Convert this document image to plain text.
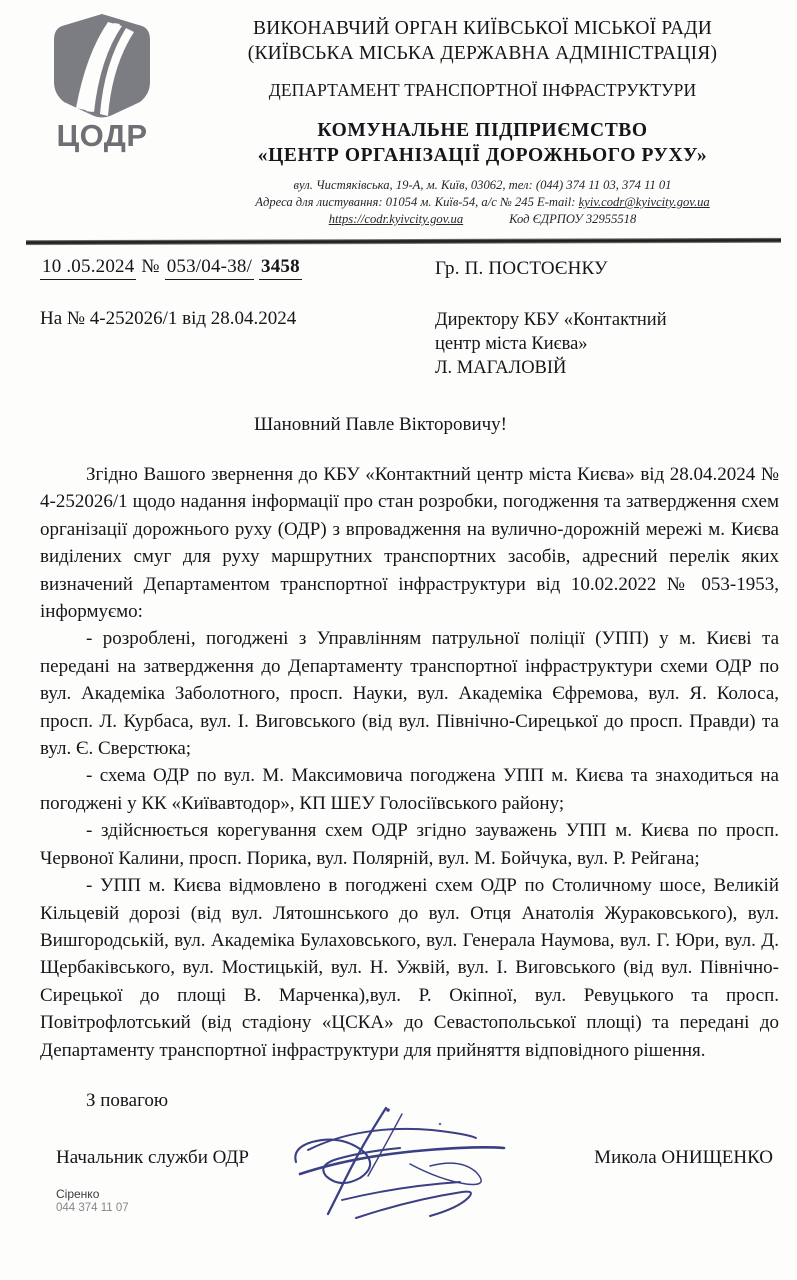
ЦОДР
ВИКОНАВЧИЙ ОРГАН КИЇВСЬКОЇ МІСЬКОЇ РАДИ
(КИЇВСЬКА МІСЬКА ДЕРЖАВНА АДМІНІСТРАЦІЯ)
ДЕПАРТАМЕНТ ТРАНСПОРТНОЇ ІНФРАСТРУКТУРИ
КОМУНАЛЬНЕ ПІДПРИЄМСТВО
«ЦЕНТР ОРГАНІЗАЦІЇ ДОРОЖНЬОГО РУХУ»
вул. Чистяківська, 19-А, м. Київ, 03062, тел: (044) 374 11 03, 374 11 01
Адреса для листування: 01054 м. Київ-54, а/с № 245 E-mail: kyiv.codr@kyivcity.gov.ua
https://codr.kyivcity.gov.ua	Код ЄДРПОУ 32955518
10 .05.2024 № 053/04-38/ 3458
На № 4-252026/1 від 28.04.2024
Гр. П. ПОСТОЄНКУ
Директору КБУ «Контактний
центр міста Києва»
Л. МАГАЛОВІЙ
Шановний Павле Вікторовичу!

Згідно Вашого звернення до КБУ «Контактний центр міста Києва» від 28.04.2024 № 4-252026/1 щодо надання інформації про стан розробки, погодження та затвердження схем організації дорожнього руху (ОДР) з впровадження на вулично-дорожній мережі м. Києва виділених смуг для руху маршрутних транспортних засобів, адресний перелік яких визначений Департаментом транспортної інфраструктури від 10.02.2022 № 053-1953, інформуємо:

- розроблені, погоджені з Управлінням патрульної поліції (УПП) у м. Києві та передані на затвердження до Департаменту транспортної інфраструктури схеми ОДР по вул. Академіка Заболотного, просп. Науки, вул. Академіка Єфремова, вул. Я. Колоса, просп. Л. Курбаса, вул. І. Виговського (від вул. Північно-Сирецької до просп. Правди) та вул. Є. Сверстюка;

- схема ОДР по вул. М. Максимовича погоджена УПП м. Києва та знаходиться на погоджені у КК «Київавтодор», КП ШЕУ Голосіївського району;

- здійснюється корегування схем ОДР згідно зауважень УПП м. Києва по просп. Червоної Калини, просп. Порика, вул. Полярній, вул. М. Бойчука, вул. Р. Рейгана;

- УПП м. Києва відмовлено в погоджені схем ОДР по Столичному шосе, Великій Кільцевій дорозі (від вул. Лятошнського до вул. Отця Анатолія Жураковського), вул. Вишгородській, вул. Академіка Булаховського, вул. Генерала Наумова, вул. Г. Юри, вул. Д. Щербаківського, вул. Мостицькій, вул. Н. Ужвій, вул. І. Виговського (від вул. Північно-Сирецької до площі В. Марченка),вул. Р. Окіпної, вул. Ревуцького та просп. Повітрофлотський (від стадіону «ЦСКА» до Севастопольської площі) та передані до Департаменту транспортної інфраструктури для прийняття відповідного рішення.

З повагою
Начальник служби ОДР	Микола ОНИЩЕНКО
Сіренко
044 374 11 07
